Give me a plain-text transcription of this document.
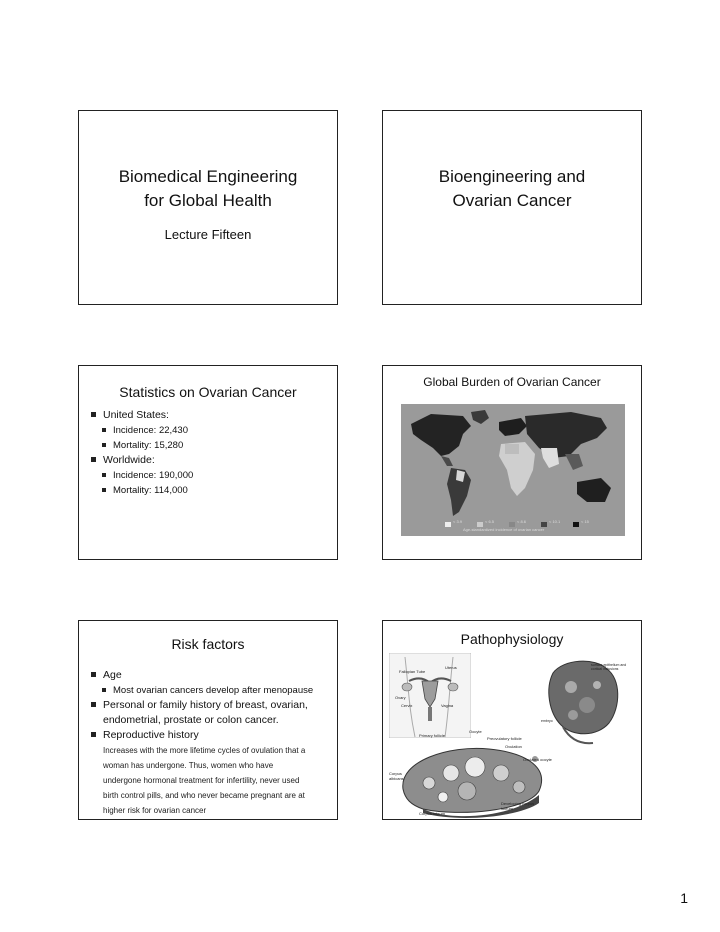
Biomedical Engineering
for Global Health
Lecture Fifteen
Bioengineering and
Ovarian Cancer
Statistics on Ovarian Cancer
United States:
Incidence: 22,430
Mortality: 15,280
Worldwide:
Incidence: 190,000
Mortality: 114,000
Global Burden of Ovarian Cancer
< 3.9	< 6.5	< 8.6	< 10.1	< 15
Age-standardized incidence of ovarian cancer
Risk factors
Age
Most ovarian cancers develop after menopause
Personal or family history of breast, ovarian,
endometrial, prostate or colon cancer.
Reproductive history
Increases with the more lifetime cycles of ovulation that a
woman has undergone. Thus, women who have
undergone hormonal treatment for infertility, never used
birth control pills, and who never became pregnant are at
higher risk for ovarian cancer
Pathophysiology
Fallopian Tube
Uterus
Ovary
Cervix	Vagina
surface epithelium and cortical inclusions
embryo
Primary follicle
Oocyte
Preovulatory follicle
Ovulation
Ovulated oocyte
Corpus albicans
Developing corpus luteum
Corpus luteum
1
